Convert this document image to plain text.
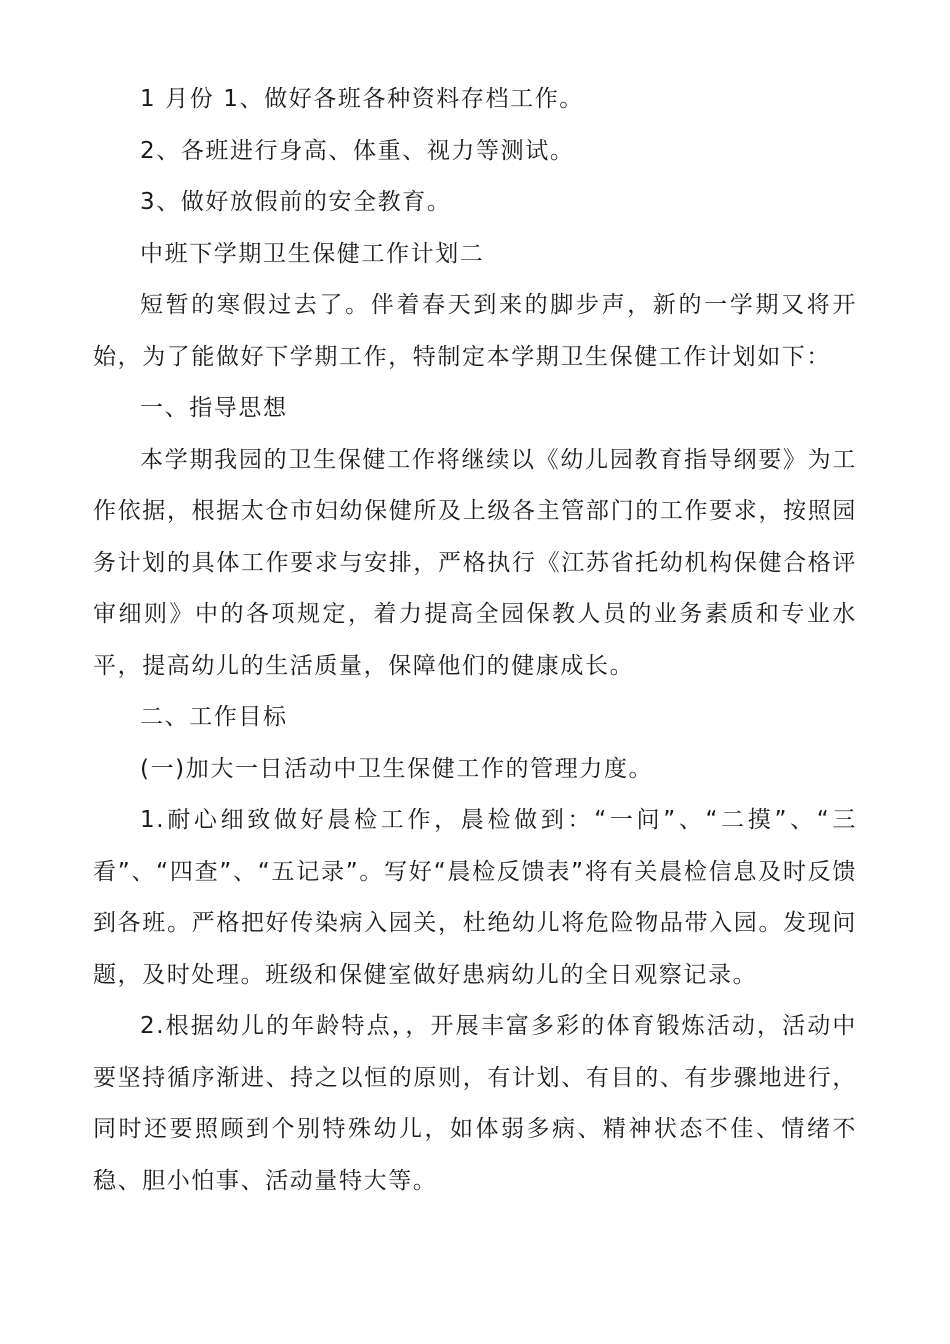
1 月份 1、做好各班各种资料存档工作。

2、各班进行身高、体重、视力等测试。

3、做好放假前的安全教育。

中班下学期卫生保健工作计划二

短暂的寒假过去了。伴着春天到来的脚步声，新的一学期又将开始，为了能做好下学期工作，特制定本学期卫生保健工作计划如下：

一、指导思想

本学期我园的卫生保健工作将继续以《幼儿园教育指导纲要》为工作依据，根据太仓市妇幼保健所及上级各主管部门的工作要求，按照园务计划的具体工作要求与安排，严格执行《江苏省托幼机构保健合格评审细则》中的各项规定，着力提高全园保教人员的业务素质和专业水平，提高幼儿的生活质量，保障他们的健康成长。

二、工作目标

(一)加大一日活动中卫生保健工作的管理力度。

1.耐心细致做好晨检工作，晨检做到：“一问”、“二摸”、“三看”、“四查”、“五记录”。写好“晨检反馈表”将有关晨检信息及时反馈到各班。严格把好传染病入园关，杜绝幼儿将危险物品带入园。发现问题，及时处理。班级和保健室做好患病幼儿的全日观察记录。

2.根据幼儿的年龄特点，，开展丰富多彩的体育锻炼活动，活动中要坚持循序渐进、持之以恒的原则，有计划、有目的、有步骤地进行，同时还要照顾到个别特殊幼儿，如体弱多病、精神状态不佳、情绪不稳、胆小怕事、活动量特大等。
